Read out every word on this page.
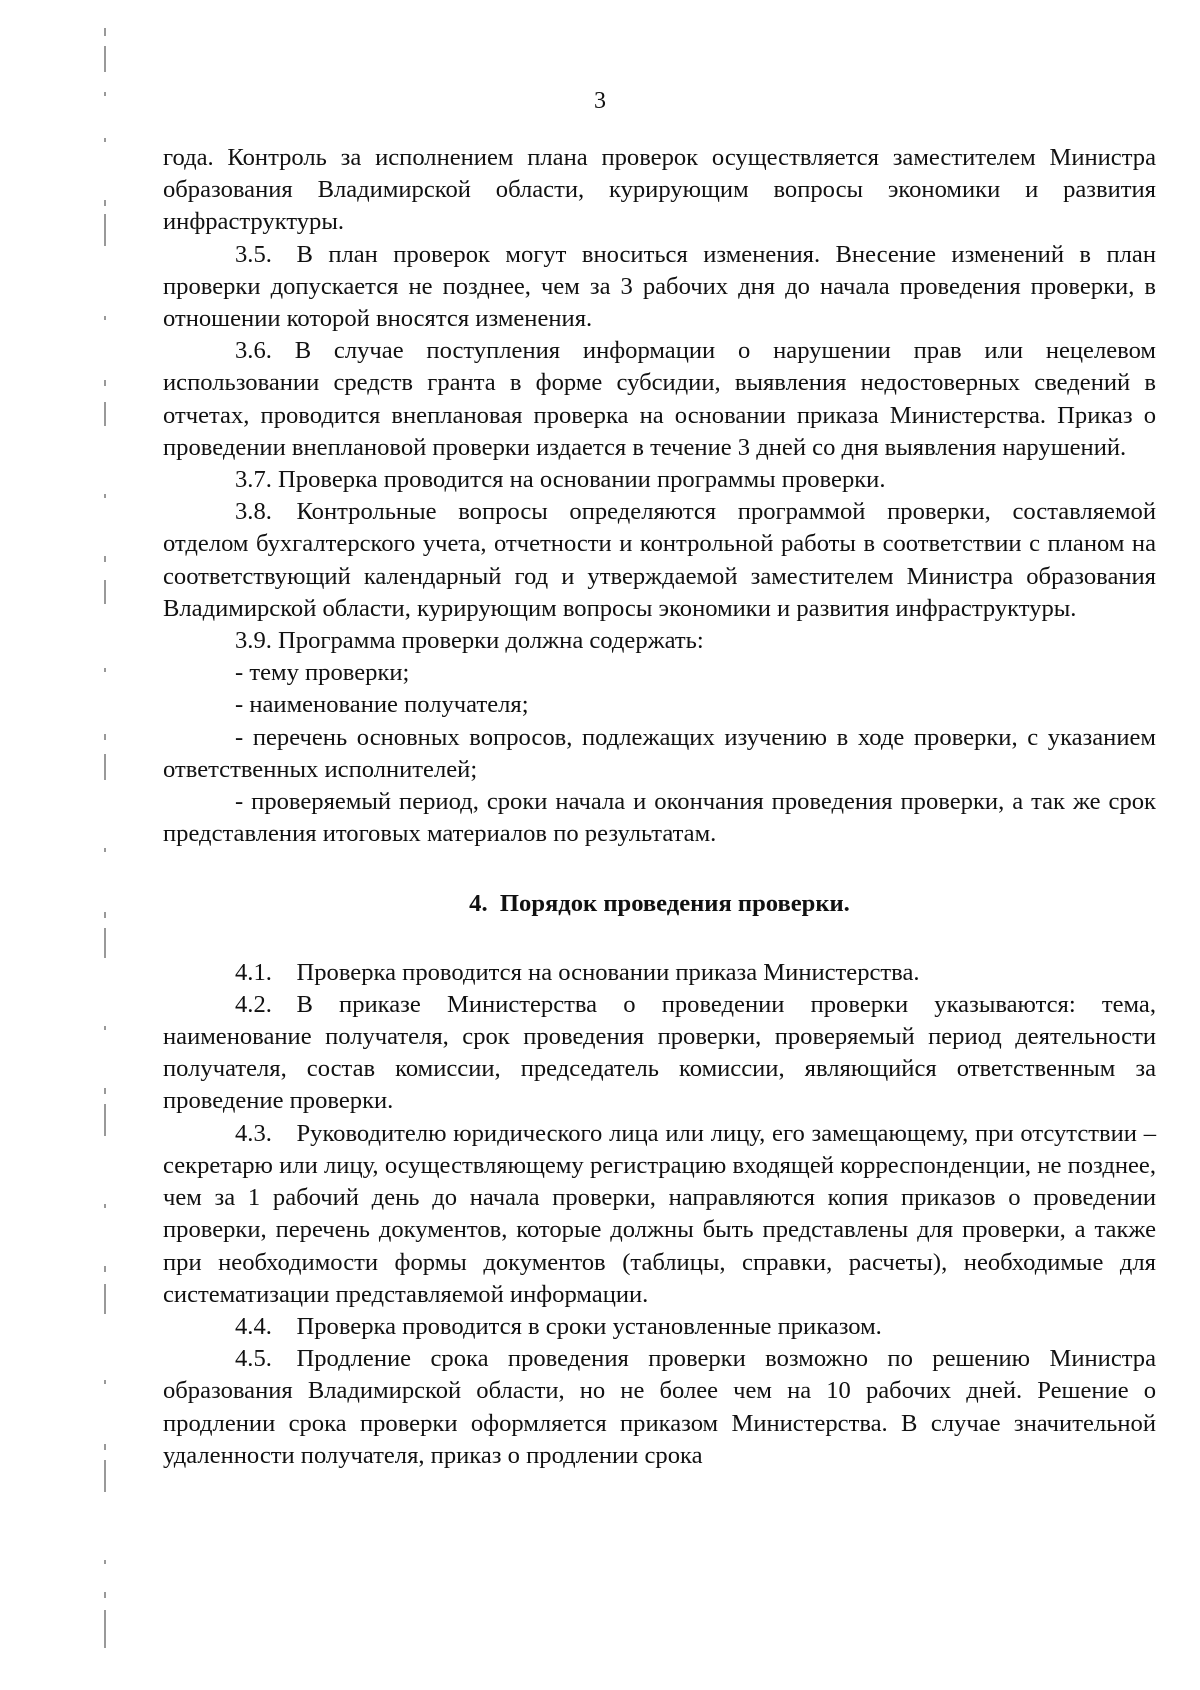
3

года. Контроль за исполнением плана проверок осуществляется заместителем Министра образования Владимирской области, курирующим вопросы экономики и развития инфраструктуры.

3.5. В план проверок могут вноситься изменения. Внесение изменений в план проверки допускается не позднее, чем за 3 рабочих дня до начала проведения проверки, в отношении которой вносятся изменения.

3.6. В случае поступления информации о нарушении прав или нецелевом использовании средств гранта в форме субсидии, выявления недостоверных сведений в отчетах, проводится внеплановая проверка на основании приказа Министерства. Приказ о проведении внеплановой проверки издается в течение 3 дней со дня выявления нарушений.

3.7. Проверка проводится на основании программы проверки.

3.8. Контрольные вопросы определяются программой проверки, составляемой отделом бухгалтерского учета, отчетности и контрольной работы в соответствии с планом на соответствующий календарный год и утверждаемой заместителем Министра образования Владимирской области, курирующим вопросы экономики и развития инфраструктуры.

3.9. Программа проверки должна содержать:

- тему проверки;

- наименование получателя;

- перечень основных вопросов, подлежащих изучению в ходе проверки, с указанием ответственных исполнителей;

- проверяемый период, сроки начала и окончания проведения проверки, а так же срок представления итоговых материалов по результатам.

4.  Порядок проведения проверки.

4.1. Проверка проводится на основании приказа Министерства.

4.2. В приказе Министерства о проведении проверки указываются: тема, наименование получателя, срок проведения проверки, проверяемый период деятельности получателя, состав комиссии, председатель комиссии, являющийся ответственным за проведение проверки.

4.3. Руководителю юридического лица или лицу, его замещающему, при отсутствии – секретарю или лицу, осуществляющему регистрацию входящей корреспонденции, не позднее, чем за 1 рабочий день до начала проверки, направляются копия приказов о проведении проверки, перечень документов, которые должны быть представлены для проверки, а также при необходимости формы документов (таблицы, справки, расчеты), необходимые для систематизации представляемой информации.

4.4. Проверка проводится в сроки установленные приказом.

4.5. Продление срока проведения проверки возможно по решению Министра образования Владимирской области, но не более чем на 10 рабочих дней. Решение о продлении срока проверки оформляется приказом Министерства. В случае значительной удаленности получателя, приказ о продлении срока
